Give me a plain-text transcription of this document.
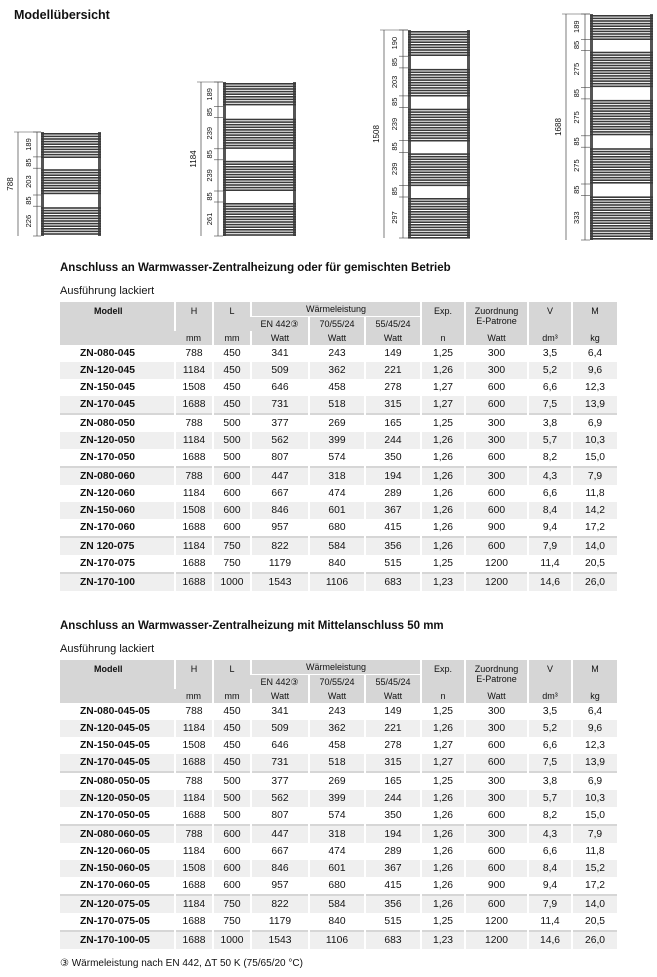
Modellübersicht
189
85
203
85
226
788
189
85
239
85
239
85
261
1184
190
85
203
85
239
85
239
85
297
1508
189
85
275
85
275
85
275
85
333
1688
Anschluss an Warmwasser-Zentralheizung oder für gemischten Betrieb
Ausführung lackiert
Modell	H	L	Wärmeleistung			Exp.	Zuordnung
E-Patrone	V	M
			EN 442③	70/55/24	55/45/24				
	mm	mm	Watt	Watt	Watt	n	Watt	dm³	kg
ZN-080-045	788	450	341	243	149	1,25	300	3,5	6,4
ZN-120-045	1184	450	509	362	221	1,26	300	5,2	9,6
ZN-150-045	1508	450	646	458	278	1,27	600	6,6	12,3
ZN-170-045	1688	450	731	518	315	1,27	600	7,5	13,9
ZN-080-050	788	500	377	269	165	1,25	300	3,8	6,9
ZN-120-050	1184	500	562	399	244	1,26	300	5,7	10,3
ZN-170-050	1688	500	807	574	350	1,26	600	8,2	15,0
ZN-080-060	788	600	447	318	194	1,26	300	4,3	7,9
ZN-120-060	1184	600	667	474	289	1,26	600	6,6	11,8
ZN-150-060	1508	600	846	601	367	1,26	600	8,4	14,2
ZN-170-060	1688	600	957	680	415	1,26	900	9,4	17,2
ZN 120-075	1184	750	822	584	356	1,26	600	7,9	14,0
ZN-170-075	1688	750	1179	840	515	1,25	1200	11,4	20,5
ZN-170-100	1688	1000	1543	1106	683	1,23	1200	14,6	26,0
Anschluss an Warmwasser-Zentralheizung mit Mittelanschluss 50 mm
Ausführung lackiert
Modell	H	L	Wärmeleistung			Exp.	Zuordnung
E-Patrone	V	M
			EN 442③	70/55/24	55/45/24				
	mm	mm	Watt	Watt	Watt	n	Watt	dm³	kg
ZN-080-045-05	788	450	341	243	149	1,25	300	3,5	6,4
ZN-120-045-05	1184	450	509	362	221	1,26	300	5,2	9,6
ZN-150-045-05	1508	450	646	458	278	1,27	600	6,6	12,3
ZN-170-045-05	1688	450	731	518	315	1,27	600	7,5	13,9
ZN-080-050-05	788	500	377	269	165	1,25	300	3,8	6,9
ZN-120-050-05	1184	500	562	399	244	1,26	300	5,7	10,3
ZN-170-050-05	1688	500	807	574	350	1,26	600	8,2	15,0
ZN-080-060-05	788	600	447	318	194	1,26	300	4,3	7,9
ZN-120-060-05	1184	600	667	474	289	1,26	600	6,6	11,8
ZN-150-060-05	1508	600	846	601	367	1,26	600	8,4	15,2
ZN-170-060-05	1688	600	957	680	415	1,26	900	9,4	17,2
ZN-120-075-05	1184	750	822	584	356	1,26	600	7,9	14,0
ZN-170-075-05	1688	750	1179	840	515	1,25	1200	11,4	20,5
ZN-170-100-05	1688	1000	1543	1106	683	1,23	1200	14,6	26,0
③ Wärmeleistung nach EN 442, ΔT 50 K (75/65/20 °C)
